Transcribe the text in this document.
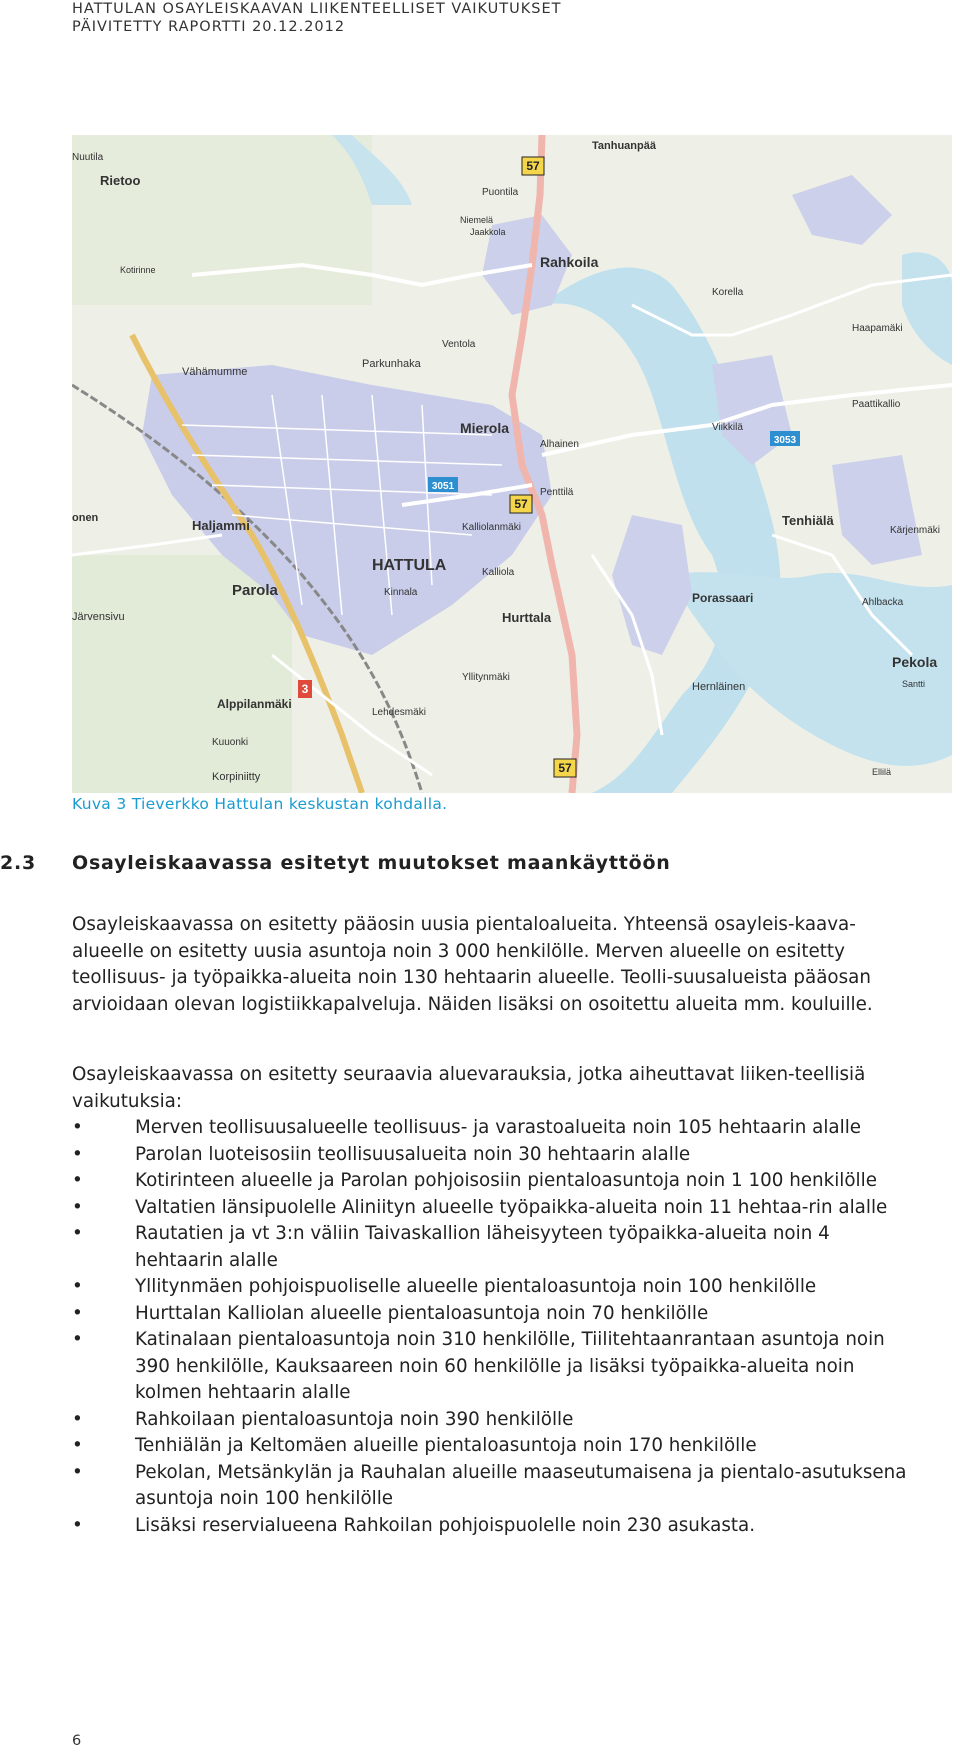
HATTULAN OSAYLEISKAAVAN LIIKENTEELLISET VAIKUTUKSET
PÄIVITETTY RAPORTTI 20.12.2012
57
57
57
3051
3053
3
Nuutila
Rietoo
Tanhuanpää
Rahkoila
Mierola
HATTULA
Haljammi
Parola
Järvensivu	Hurttala
Porassaari
Tenhiälä
Pekola
Hernläinen
Alppilanmäki
Korpiniitty
Vähämumme
Parkunhaka
Ventola
Korella
Haapamäki
Paattikallio
Viikkilä
Kärjenmäki
Ahlbacka
Kalliolanmäki
Penttilä
Kalliola
Kinnala
Yllitynmäki
Lehdesmäki
Kuuonki
Puontila
Santti
Ellilä
Niemelä
Jaakkola
Kotirinne
Alhainen
onen
Kuva 3 Tieverkko Hattulan keskustan kohdalla.
2.3 Osayleiskaavassa esitetyt muutokset maankäyttöön

Osayleiskaavassa on esitetty pääosin uusia pientaloalueita. Yhteensä osayleis-kaava-alueelle on esitetty uusia asuntoja noin 3 000 henkilölle. Merven alueelle on esitetty teollisuus- ja työpaikka-alueita noin 130 hehtaarin alueelle. Teolli-suusalueista pääosan arvioidaan olevan logistiikkapalveluja. Näiden lisäksi on osoitettu alueita mm. kouluille.

Osayleiskaavassa on esitetty seuraavia aluevarauksia, jotka aiheuttavat liiken-teellisiä vaikutuksia:

•	Merven teollisuusalueelle teollisuus- ja varastoalueita noin 105 hehtaarin alalle
•	Parolan luoteisosiin teollisuusalueita noin 30 hehtaarin alalle
•	Kotirinteen alueelle ja Parolan pohjoisosiin pientaloasuntoja noin 1 100 henkilölle
•	Valtatien länsipuolelle Aliniityn alueelle työpaikka-alueita noin 11 hehtaa-rin alalle
•	Rautatien ja vt 3:n väliin Taivaskallion läheisyyteen työpaikka-alueita noin 4 hehtaarin alalle
•	Yllitynmäen pohjoispuoliselle alueelle pientaloasuntoja noin 100 henkilölle
•	Hurttalan Kalliolan alueelle pientaloasuntoja noin 70 henkilölle
•	Katinalaan pientaloasuntoja noin 310 henkilölle, Tiilitehtaanrantaan asuntoja noin 390 henkilölle, Kauksaareen noin 60 henkilölle ja lisäksi työpaikka-alueita noin kolmen hehtaarin alalle
•	Rahkoilaan pientaloasuntoja noin 390 henkilölle
•	Tenhiälän ja Keltomäen alueille pientaloasuntoja noin 170 henkilölle
•	Pekolan, Metsänkylän ja Rauhalan alueille maaseutumaisena ja pientalo-asutuksena asuntoja noin 100 henkilölle
•	Lisäksi reservialueena Rahkoilan pohjoispuolelle noin 230 asukasta.
6
